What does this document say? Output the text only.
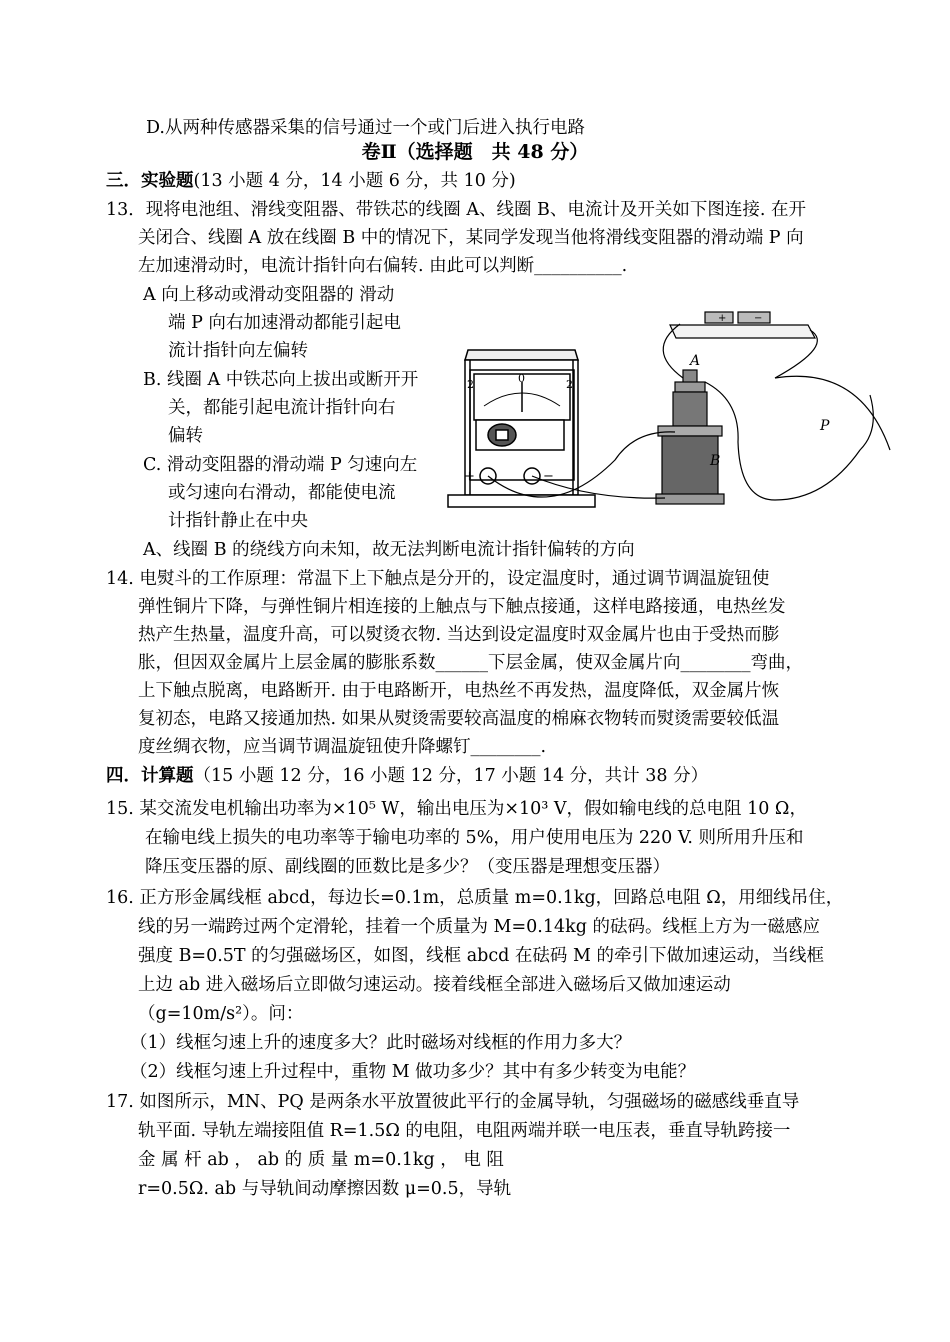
D.从两种传感器采集的信号通过一个或门后进入执行电路
卷Ⅱ（选择题　共 48 分）
三．实验题(13 小题 4 分，14 小题 6 分，共 10 分)
13．现将电池组、滑线变阻器、带铁芯的线圈 A、线圈 B、电流计及开关如下图连接. 在开
关闭合、线圈 A 放在线圈 B 中的情况下，某同学发现当他将滑线变阻器的滑动端 P 向
左加速滑动时，电流计指针向右偏转. 由此可以判断__________.
A 向上移动或滑动变阻器的 滑动
端 P 向右加速滑动都能引起电
流计指针向左偏转
B. 线圈 A 中铁芯向上拔出或断开开
关，都能引起电流计指针向右
偏转
C. 滑动变阻器的滑动端 P 匀速向左
或匀速向右滑动，都能使电流
计指针静止在中央
A、线圈 B 的绕线方向未知，故无法判断电流计指针偏转的方向
2	0	2
+	−
+	−
A
B
P
14. 电熨斗的工作原理：常温下上下触点是分开的，设定温度时，通过调节调温旋钮使
弹性铜片下降，与弹性铜片相连接的上触点与下触点接通，这样电路接通，电热丝发
热产生热量，温度升高，可以熨烫衣物. 当达到设定温度时双金属片也由于受热而膨
胀，但因双金属片上层金属的膨胀系数______下层金属，使双金属片向________弯曲，
上下触点脱离，电路断开. 由于电路断开，电热丝不再发热，温度降低，双金属片恢
复初态，电路又接通加热. 如果从熨烫需要较高温度的棉麻衣物转而熨烫需要较低温
度丝绸衣物，应当调节调温旋钮使升降螺钉________.
四．计算题（15 小题 12 分，16 小题 12 分，17 小题 14 分，共计 38 分）
15. 某交流发电机输出功率为×10⁵ W，输出电压为×10³ V，假如输电线的总电阻 10 Ω，
在输电线上损失的电功率等于输电功率的 5%，用户使用电压为 220 V. 则所用升压和
降压变压器的原、副线圈的匝数比是多少？（变压器是理想变压器）
16. 正方形金属线框 abcd，每边长=0.1m，总质量 m=0.1kg，回路总电阻 Ω，用细线吊住，
线的另一端跨过两个定滑轮，挂着一个质量为 M=0.14kg 的砝码。线框上方为一磁感应
强度 B=0.5T 的匀强磁场区，如图，线框 abcd 在砝码 M 的牵引下做加速运动，当线框
上边 ab 进入磁场后立即做匀速运动。接着线框全部进入磁场后又做加速运动
（g=10m/s²）。问：
（1）线框匀速上升的速度多大？此时磁场对线框的作用力多大？
（2）线框匀速上升过程中，重物 M 做功多少？其中有多少转变为电能？
17. 如图所示，MN、PQ 是两条水平放置彼此平行的金属导轨，匀强磁场的磁感线垂直导
轨平面. 导轨左端接阻值 R=1.5Ω 的电阻，电阻两端并联一电压表，垂直导轨跨接一
金 属 杆 ab ， ab 的 质 量 m=0.1kg ， 电 阻
r=0.5Ω. ab 与导轨间动摩擦因数 μ=0.5，导轨
